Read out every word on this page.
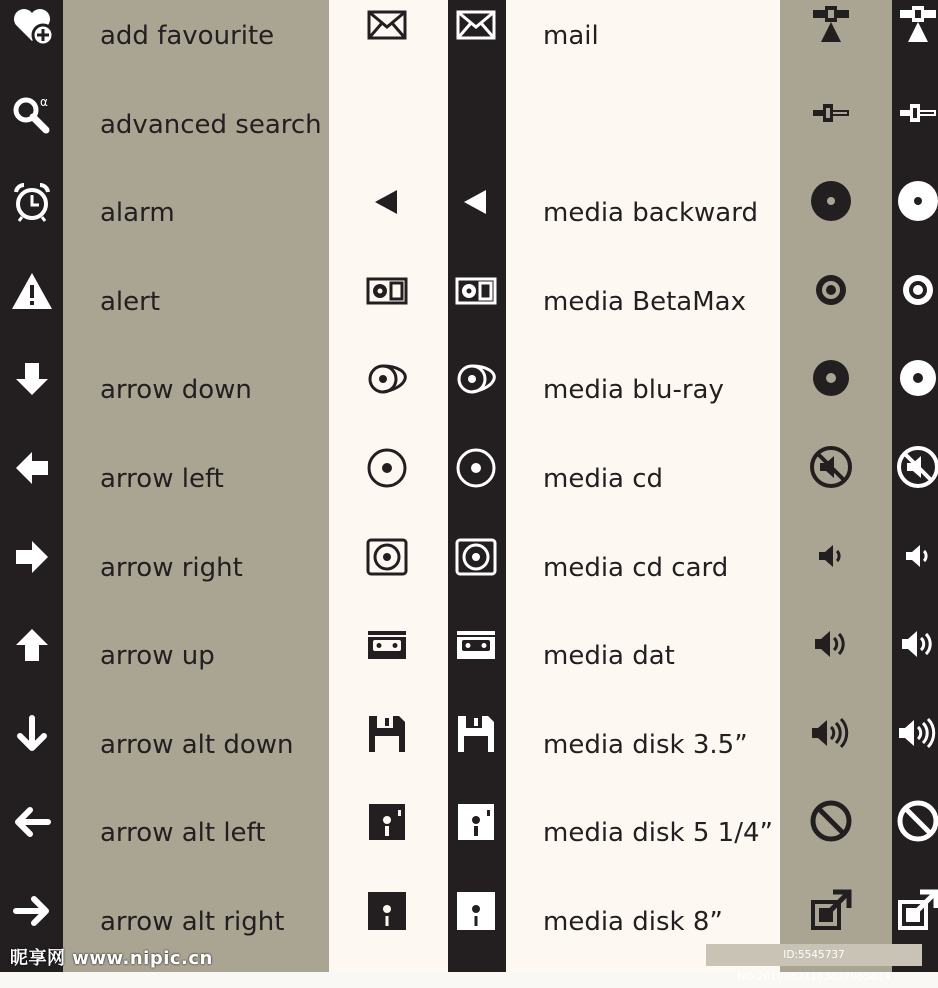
α
add favourite
advanced search
alarm
alert
arrow down
arrow left
arrow right
arrow up
arrow alt down
arrow alt left
arrow alt right
mail
media backward
media BetaMax
media blu-ray
media cd
media cd card
media dat
media disk 3.5”
media disk 5 1/4”
media disk 8”
昵享网 www.nipic.cn	ID:5545737 NO:20100821183827055814
